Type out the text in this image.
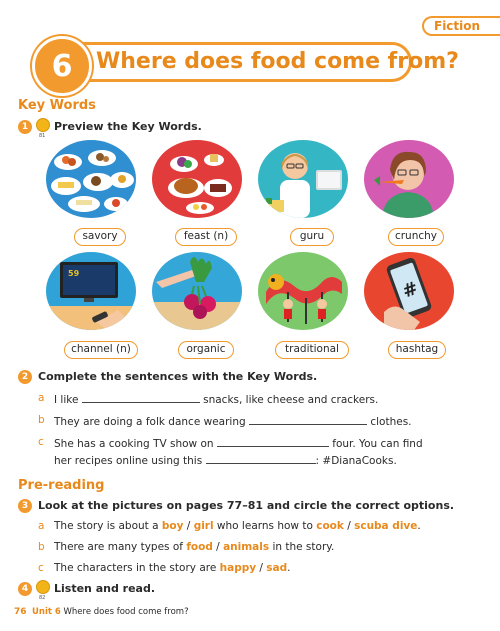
Fiction
6	Where does food come from?
Key Words
1
81
Preview the Key Words.
savory	feast (n)	guru	crunchy
59
#
channel (n)	organic	traditional	hashtag
2 Complete the sentences with the Key Words.
a I like	snacks, like cheese and crackers.
b They are doing a folk dance wearing	clothes.
c She has a cooking TV show on	four. You can find
her recipes online using this	: #DianaCooks.
Pre-reading
3 Look at the pictures on pages 77–81 and circle the correct options.
a The story is about a boy / girl who learns how to cook / scuba dive.
b There are many types of food / animals in the story.
c The characters in the story are happy / sad.
4
82
Listen and read.
76 Unit 6 Where does food come from?
